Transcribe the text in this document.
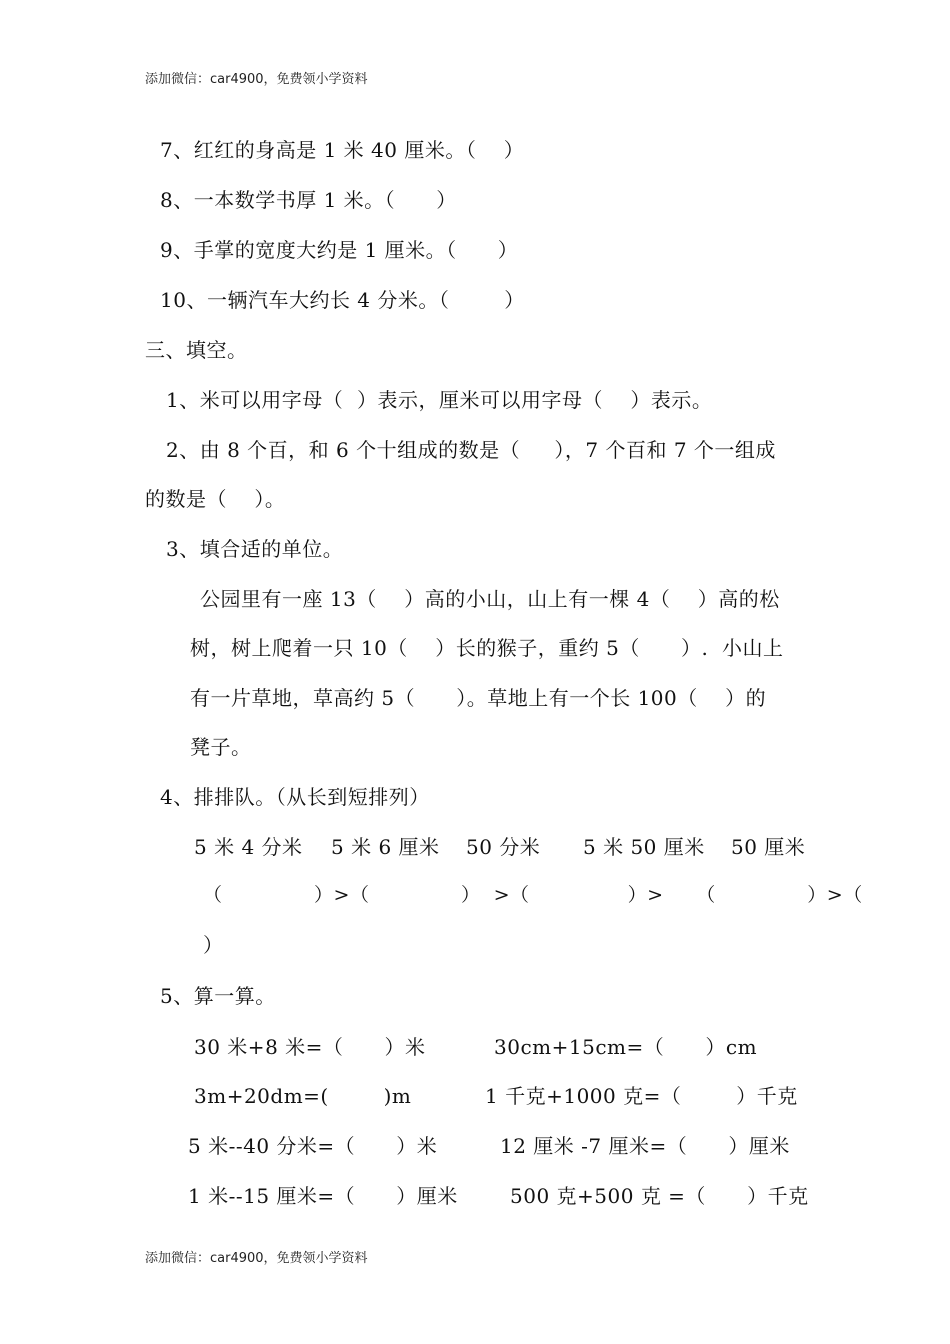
添加微信：car4900，免费领小学资料
7、红红的身高是 1 米 40 厘米。（    ）
8、一本数学书厚 1 米。（      ）
9、手掌的宽度大约是 1 厘米。（      ）
10、一辆汽车大约长 4 分米。（        ）
三、填空。
1、米可以用字母（  ）表示，厘米可以用字母（    ）表示。
2、由 8 个百，和 6 个十组成的数是（     ），7 个百和 7 个一组成
的数是（    ）。
3、填合适的单位。
公园里有一座 13（    ）高的小山，山上有一棵 4（    ）高的松
树，树上爬着一只 10（    ）长的猴子，重约 5（      ）.  小山上
有一片草地，草高约 5（      ）。草地上有一个长 100（    ）的
凳子。
4、排排队。（从长到短排列）
5 米 4 分米 5 米 6 厘米 50 分米 5 米 50 厘米 50 厘米
（              ）>（              ）  >（               ）>     （              ）>（
）
5、算一算。
30 米+8 米=（      ）米	30cm+15cm=（      ）cm
3m+20dm=(        )m	1 千克+1000 克=（        ）千克
5 米--40 分米=（      ）米	12 厘米 -7 厘米=（      ）厘米
1 米--15 厘米=（      ）厘米	500 克+500 克 =（      ）千克
添加微信：car4900，免费领小学资料
